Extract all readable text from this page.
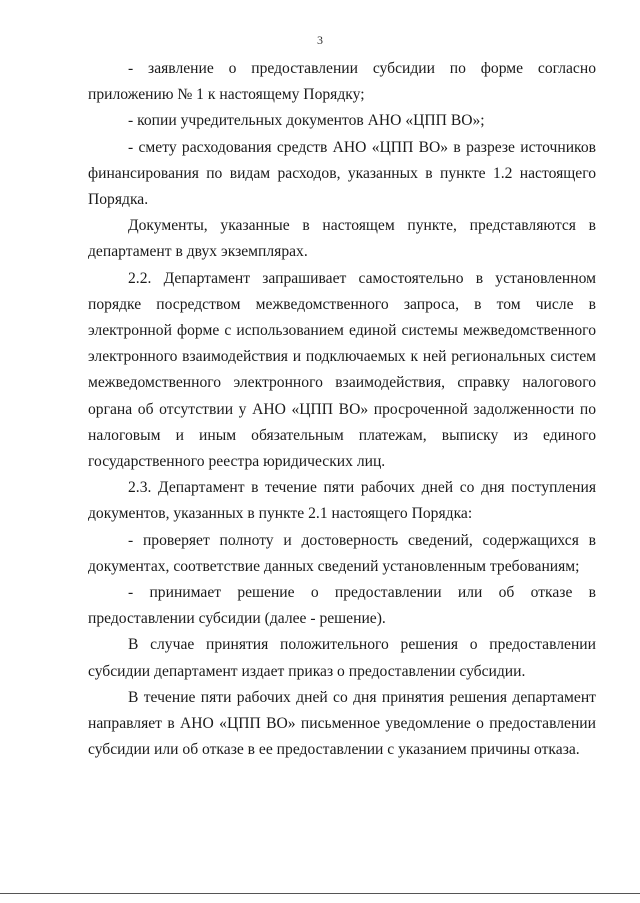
3

- заявление о предоставлении субсидии по форме согласно приложению № 1 к настоящему Порядку;

- копии учредительных документов АНО «ЦПП ВО»;

- смету расходования средств АНО «ЦПП ВО» в разрезе источников финансирования по видам расходов, указанных в пункте 1.2 настоящего Порядка.

Документы, указанные в настоящем пункте, представляются в департамент в двух экземплярах.

2.2. Департамент запрашивает самостоятельно в установленном порядке посредством межведомственного запроса, в том числе в электронной форме с использованием единой системы межведомственного электронного взаимодействия и подключаемых к ней региональных систем межведомственного электронного взаимодействия, справку налогового органа об отсутствии у АНО «ЦПП ВО» просроченной задолженности по налоговым и иным обязательным платежам, выписку из единого государственного реестра юридических лиц.

2.3. Департамент в течение пяти рабочих дней со дня поступления документов, указанных в пункте 2.1 настоящего Порядка:

- проверяет полноту и достоверность сведений, содержащихся в документах, соответствие данных сведений установленным требованиям;

- принимает решение о предоставлении или об отказе в предоставлении субсидии (далее - решение).

В случае принятия положительного решения о предоставлении субсидии департамент издает приказ о предоставлении субсидии.

В течение пяти рабочих дней со дня принятия решения департамент направляет в АНО «ЦПП ВО» письменное уведомление о предоставлении субсидии или об отказе в ее предоставлении с указанием причины отказа.
